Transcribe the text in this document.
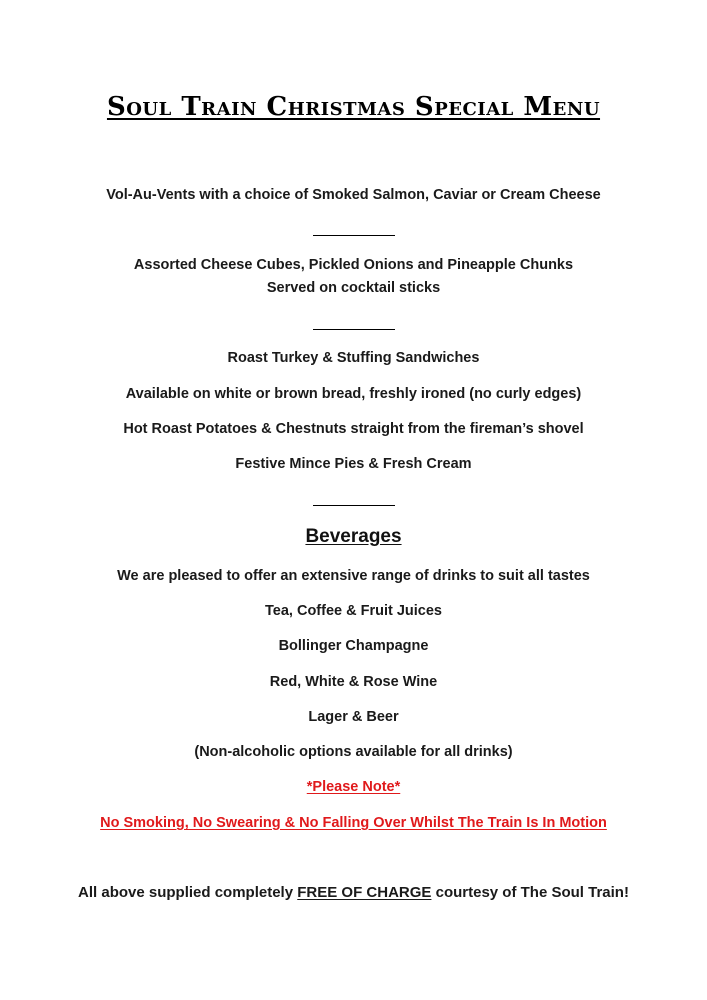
Soul Train Christmas Special Menu
Vol-Au-Vents with a choice of Smoked Salmon, Caviar or Cream Cheese
Assorted Cheese Cubes, Pickled Onions and Pineapple Chunks
Served on cocktail sticks
Roast Turkey & Stuffing Sandwiches
Available on white or brown bread, freshly ironed (no curly edges)
Hot Roast Potatoes & Chestnuts straight from the fireman’s shovel
Festive Mince Pies & Fresh Cream
Beverages
We are pleased to offer an extensive range of drinks to suit all tastes
Tea, Coffee & Fruit Juices
Bollinger Champagne
Red, White & Rose Wine
Lager & Beer
(Non-alcoholic options available for all drinks)
*Please Note*
No Smoking, No Swearing & No Falling Over Whilst The Train Is In Motion
All above supplied completely FREE OF CHARGE courtesy of The Soul Train!
